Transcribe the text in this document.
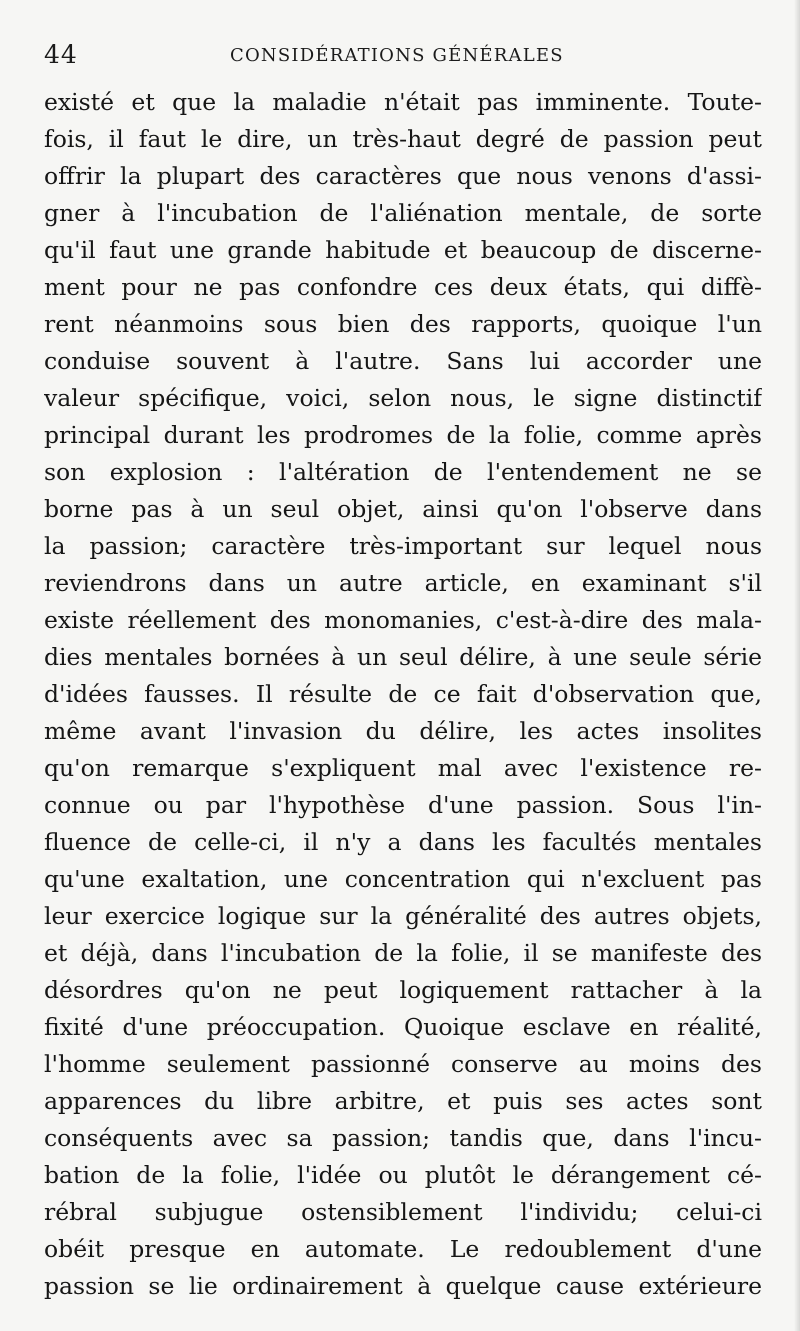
44	CONSIDÉRATIONS GÉNÉRALES
existé et que la maladie n'était pas imminente. Toute-
fois, il faut le dire, un très-haut degré de passion peut
offrir la plupart des caractères que nous venons d'assi-
gner à l'incubation de l'aliénation mentale, de sorte
qu'il faut une grande habitude et beaucoup de discerne-
ment pour ne pas confondre ces deux états, qui diffè-
rent néanmoins sous bien des rapports, quoique l'un
conduise souvent à l'autre. Sans lui accorder une
valeur spécifique, voici, selon nous, le signe distinctif
principal durant les prodromes de la folie, comme après
son explosion : l'altération de l'entendement ne se
borne pas à un seul objet, ainsi qu'on l'observe dans
la passion; caractère très-important sur lequel nous
reviendrons dans un autre article, en examinant s'il
existe réellement des monomanies, c'est-à-dire des mala-
dies mentales bornées à un seul délire, à une seule série
d'idées fausses. Il résulte de ce fait d'observation que,
même avant l'invasion du délire, les actes insolites
qu'on remarque s'expliquent mal avec l'existence re-
connue ou par l'hypothèse d'une passion. Sous l'in-
fluence de celle-ci, il n'y a dans les facultés mentales
qu'une exaltation, une concentration qui n'excluent pas
leur exercice logique sur la généralité des autres objets,
et déjà, dans l'incubation de la folie, il se manifeste des
désordres qu'on ne peut logiquement rattacher à la
fixité d'une préoccupation. Quoique esclave en réalité,
l'homme seulement passionné conserve au moins des
apparences du libre arbitre, et puis ses actes sont
conséquents avec sa passion; tandis que, dans l'incu-
bation de la folie, l'idée ou plutôt le dérangement cé-
rébral subjugue ostensiblement l'individu; celui-ci
obéit presque en automate. Le redoublement d'une
passion se lie ordinairement à quelque cause extérieure
